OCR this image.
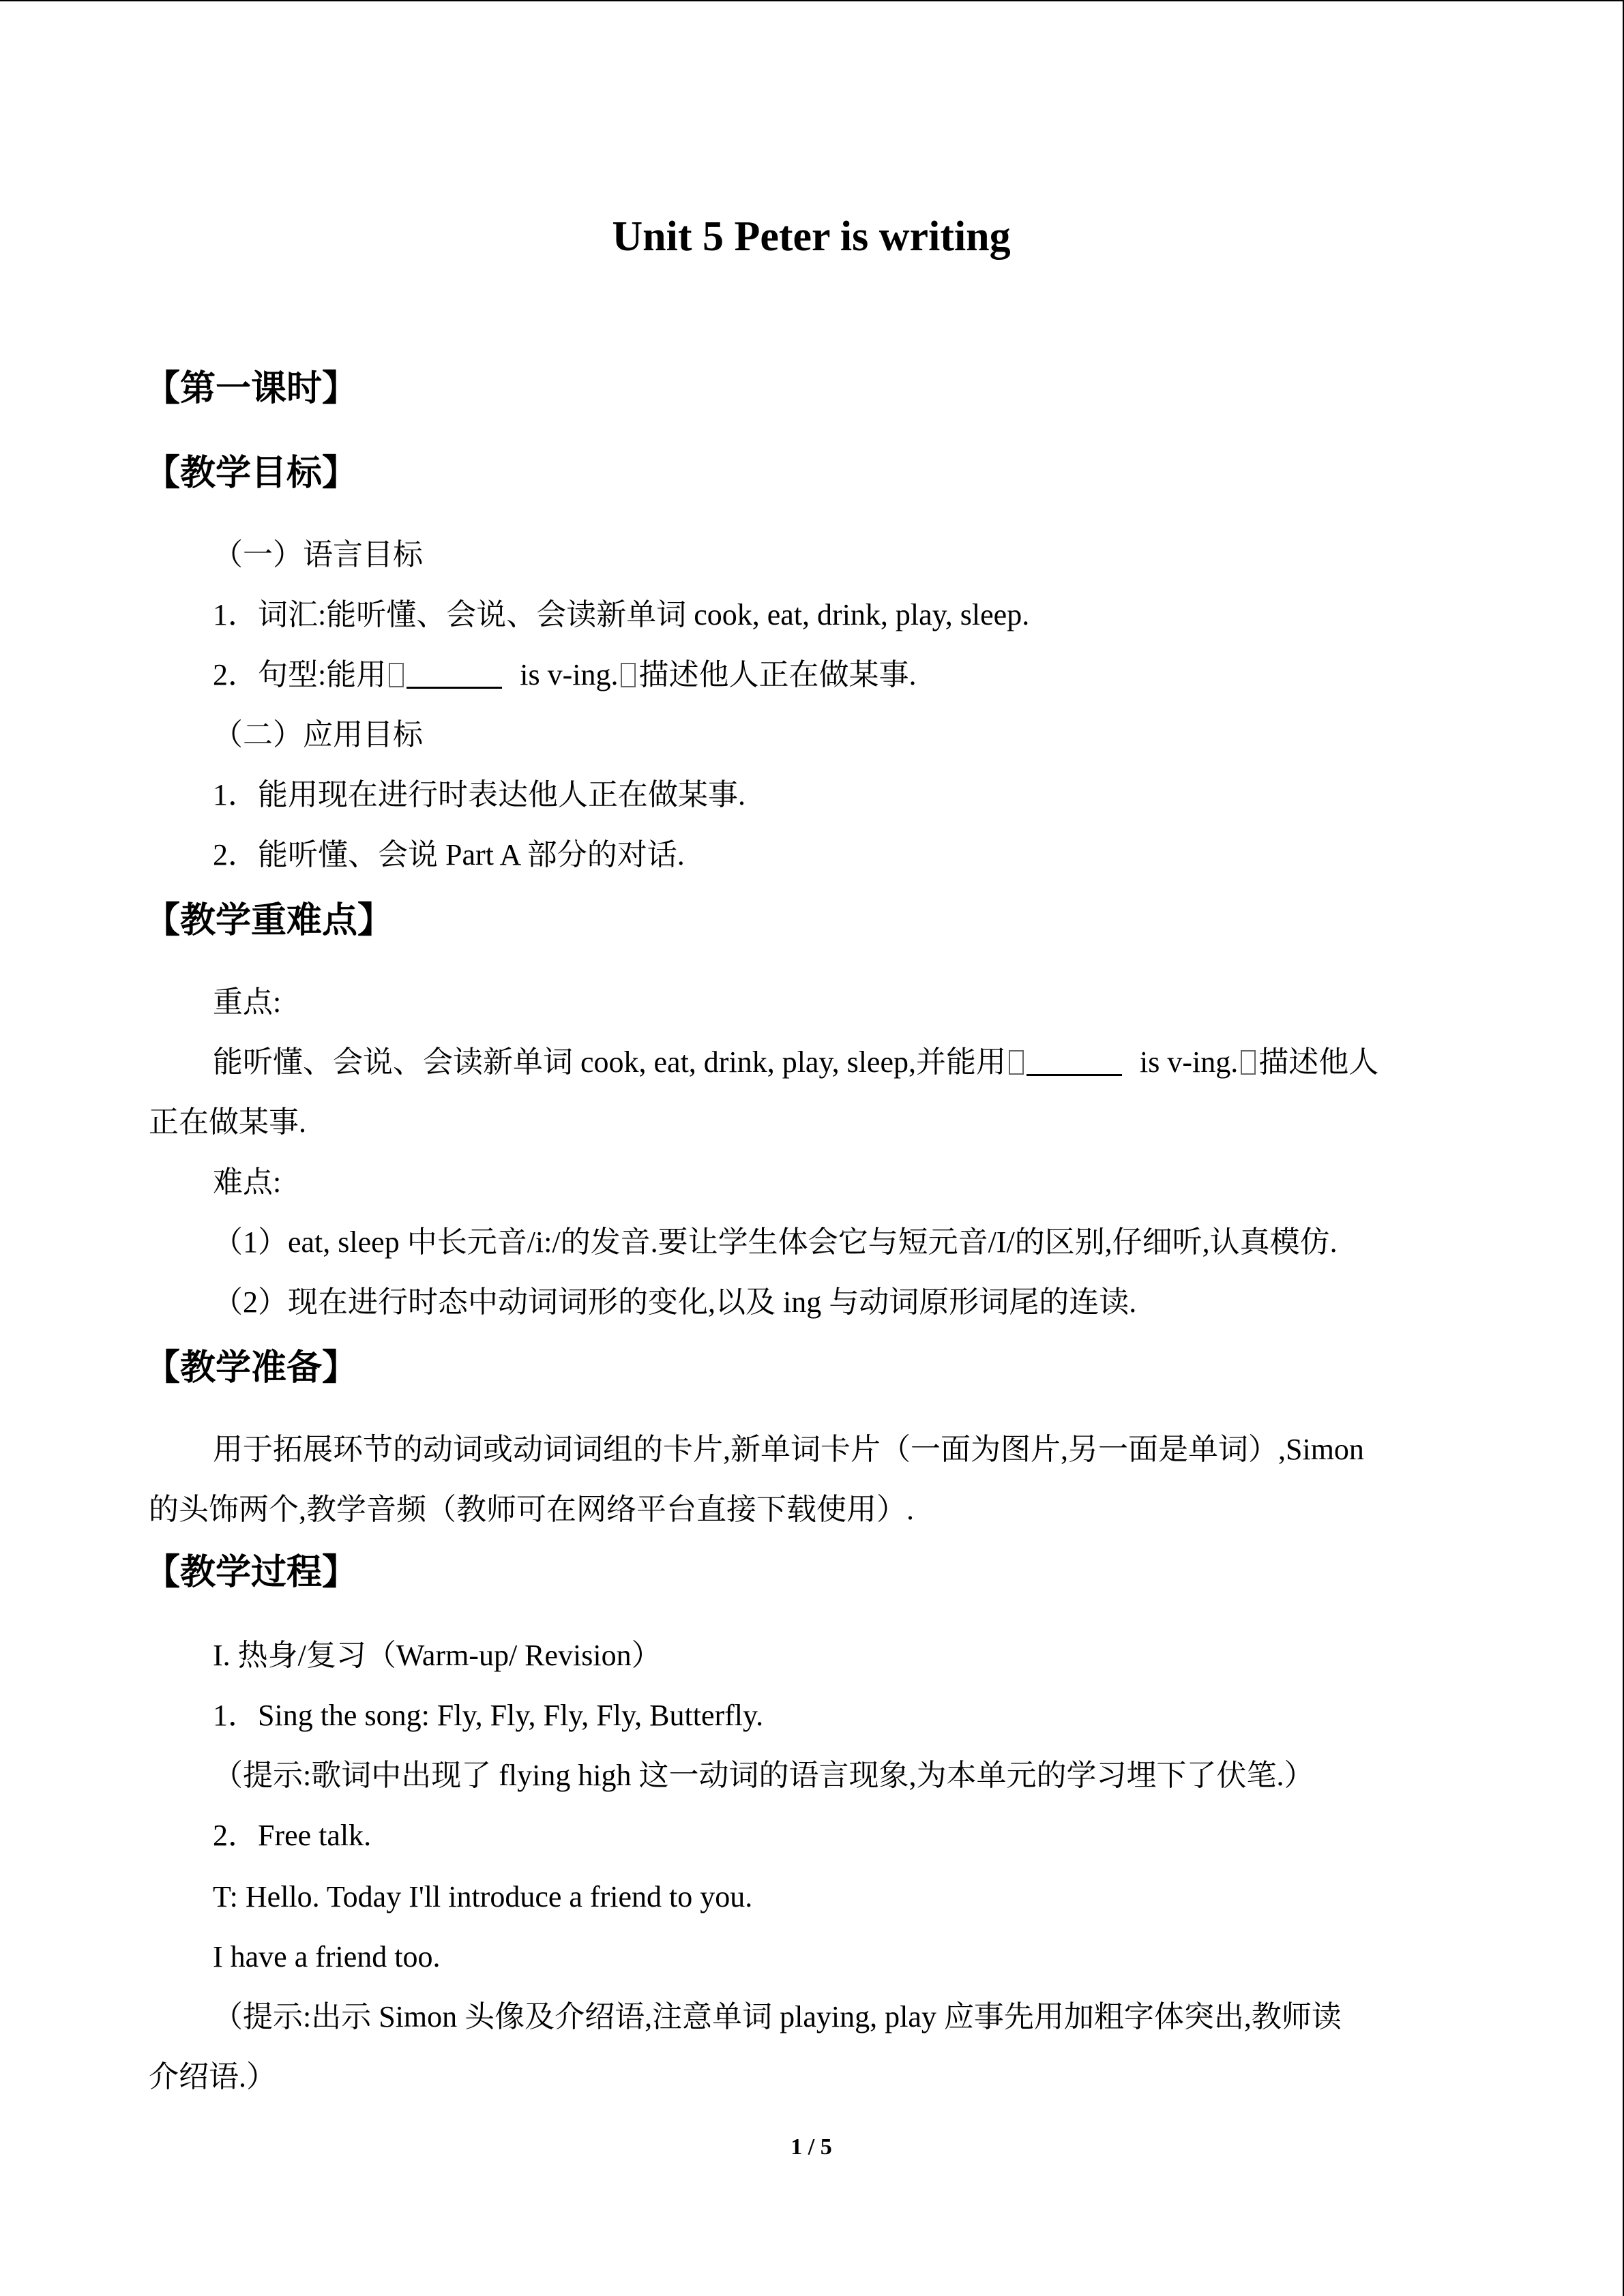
Unit 5 Peter is writing
【第一课时】
【教学目标】
（一）语言目标
1．词汇:能听懂、会说、会读新单词 cook, eat, drink, play, sleep.
2．句型:能用	is v-ing. 描述他人正在做某事.
（二）应用目标
1．能用现在进行时表达他人正在做某事.
2．能听懂、会说 Part A 部分的对话.
【教学重难点】
重点:
能听懂、会说、会读新单词 cook, eat, drink, play, sleep,并能用	is v-ing. 描述他人
正在做某事.
难点:
（1）eat, sleep 中长元音/i:/的发音.要让学生体会它与短元音/I/的区别,仔细听,认真模仿.
（2）现在进行时态中动词词形的变化,以及 ing 与动词原形词尾的连读.
【教学准备】
用于拓展环节的动词或动词词组的卡片,新单词卡片（一面为图片,另一面是单词）,Simon
的头饰两个,教学音频（教师可在网络平台直接下载使用）.
【教学过程】
I. 热身/复习（Warm-up/ Revision）
1．Sing the song: Fly, Fly, Fly, Fly, Butterfly.
（提示:歌词中出现了 flying high 这一动词的语言现象,为本单元的学习埋下了伏笔.）
2．Free talk.
T: Hello. Today I'll introduce a friend to you.
I have a friend too.
（提示:出示 Simon 头像及介绍语,注意单词 playing, play 应事先用加粗字体突出,教师读
介绍语.）
1 / 5
